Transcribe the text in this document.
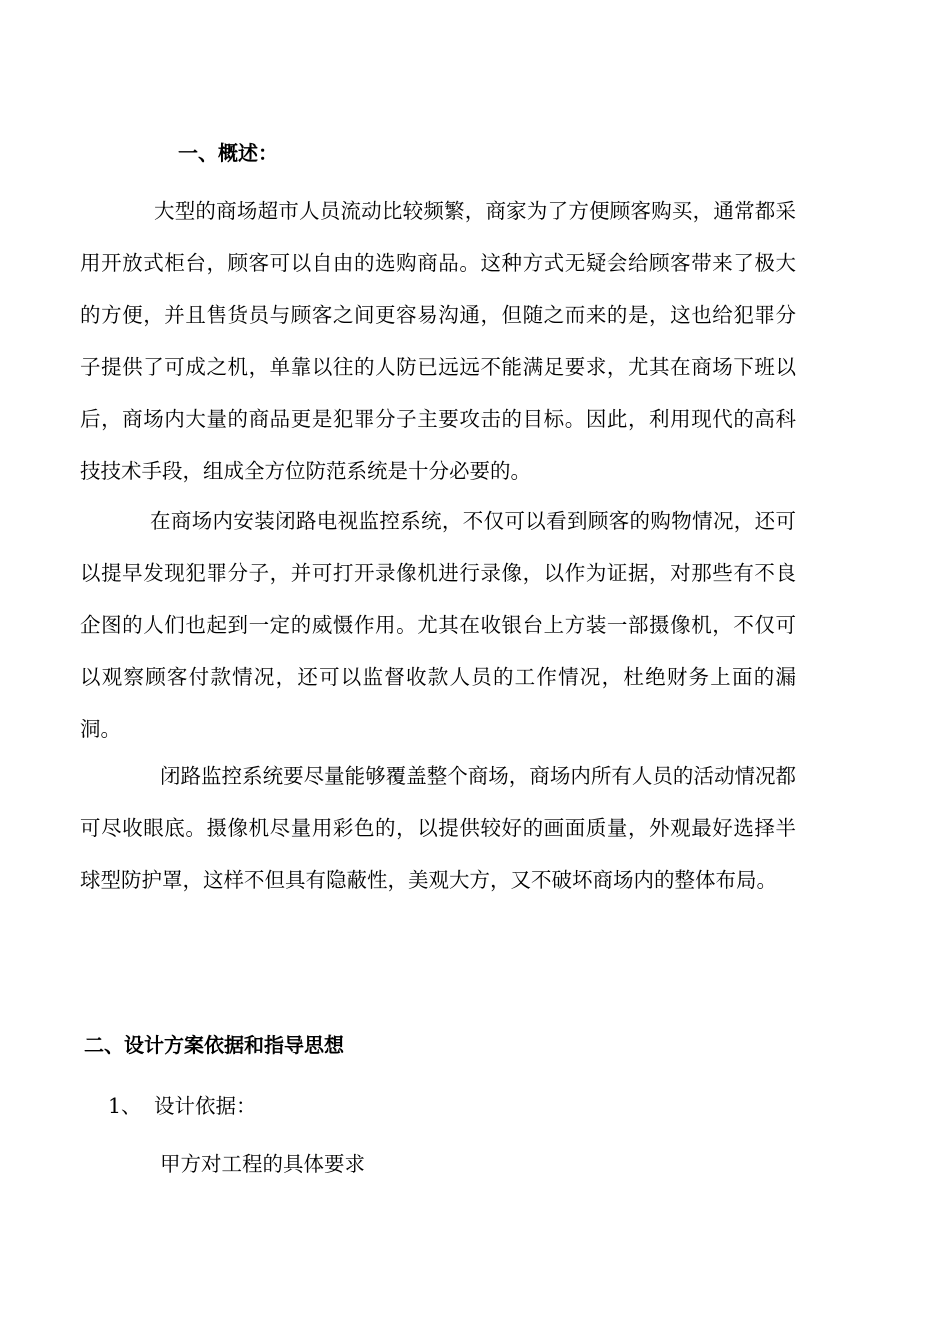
一、概述：
大型的商场超市人员流动比较频繁，商家为了方便顾客购买，通常都采用开放式柜台，顾客可以自由的选购商品。这种方式无疑会给顾客带来了极大的方便，并且售货员与顾客之间更容易沟通，但随之而来的是，这也给犯罪分子提供了可成之机，单靠以往的人防已远远不能满足要求，尤其在商场下班以后，商场内大量的商品更是犯罪分子主要攻击的目标。因此，利用现代的高科技技术手段，组成全方位防范系统是十分必要的。
在商场内安装闭路电视监控系统，不仅可以看到顾客的购物情况，还可以提早发现犯罪分子，并可打开录像机进行录像，以作为证据，对那些有不良企图的人们也起到一定的威慑作用。尤其在收银台上方装一部摄像机，不仅可以观察顾客付款情况，还可以监督收款人员的工作情况，杜绝财务上面的漏洞。
闭路监控系统要尽量能够覆盖整个商场，商场内所有人员的活动情况都可尽收眼底。摄像机尽量用彩色的，以提供较好的画面质量，外观最好选择半球型防护罩，这样不但具有隐蔽性，美观大方，又不破坏商场内的整体布局。
二、设计方案依据和指导思想
1、 设计依据：
甲方对工程的具体要求
